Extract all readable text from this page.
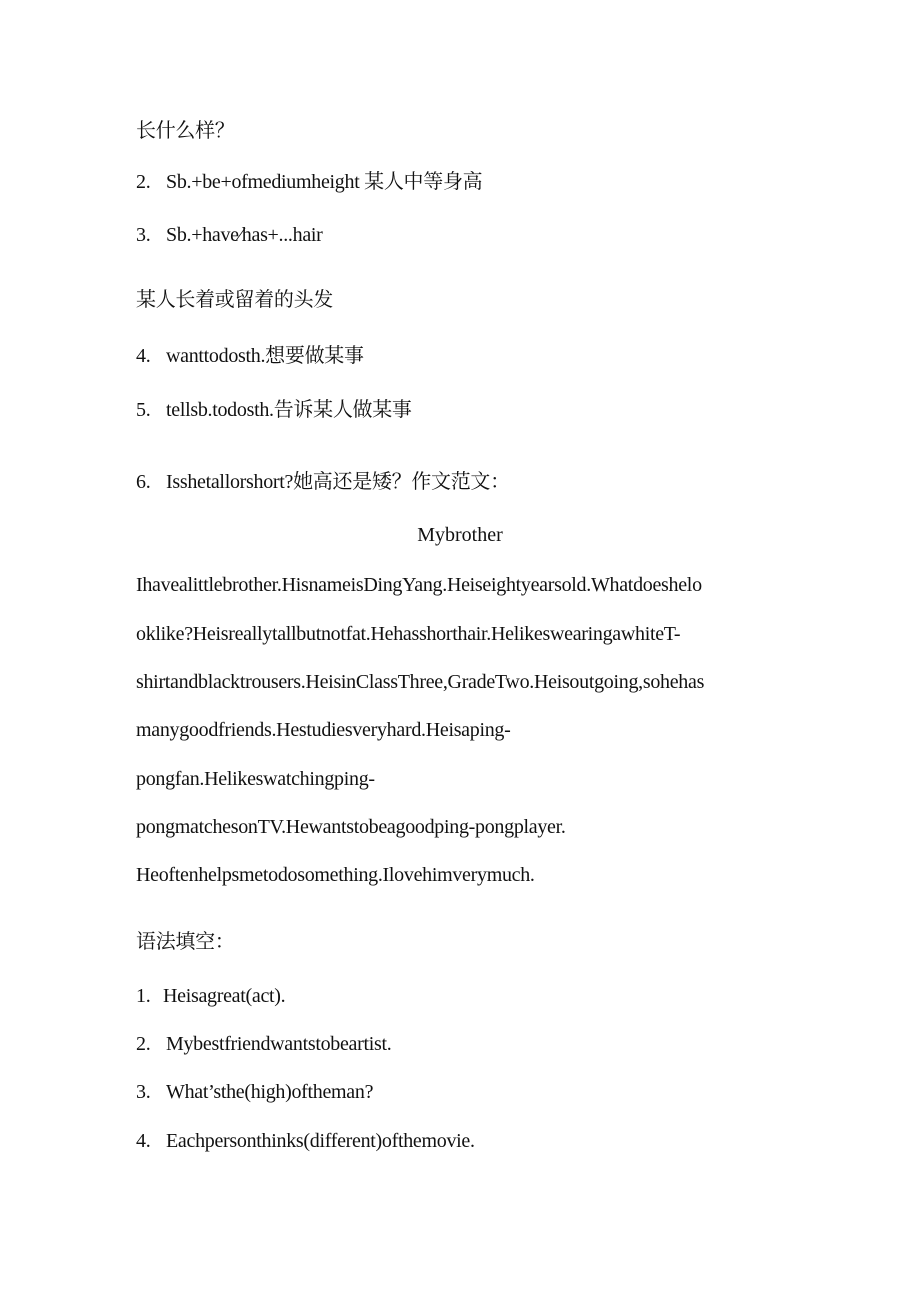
长什么样？
2. Sb.+be+ofmediumheight 某人中等身高
3. Sb.+have∕has+...hair
某人长着或留着的头发
4. wanttodosth.想要做某事
5. tellsb.todosth.告诉某人做某事
6. Isshetallorshort?她高还是矮？作文范文：
Mybrother
Ihavealittlebrother.HisnameisDingYang.Heiseightyearsold.Whatdoeshelo
oklike?Heisreallytallbutnotfat.Hehasshorthair.HelikeswearingawhiteT-
shirtandblacktrousers.HeisinClassThree,GradeTwo.Heisoutgoing,sohehas
manygoodfriends.Hestudiesveryhard.Heisaping-
pongfan.Helikeswatchingping-
pongmatchesonTV.Hewantstobeagoodping-pongplayer.
Heoftenhelpsmetodosomething.Ilovehimverymuch.
语法填空：
1. Heisagreat(act).
2. Mybestfriendwantstobeartist.
3. What’sthe(high)oftheman?
4. Eachpersonthinks(different)ofthemovie.
